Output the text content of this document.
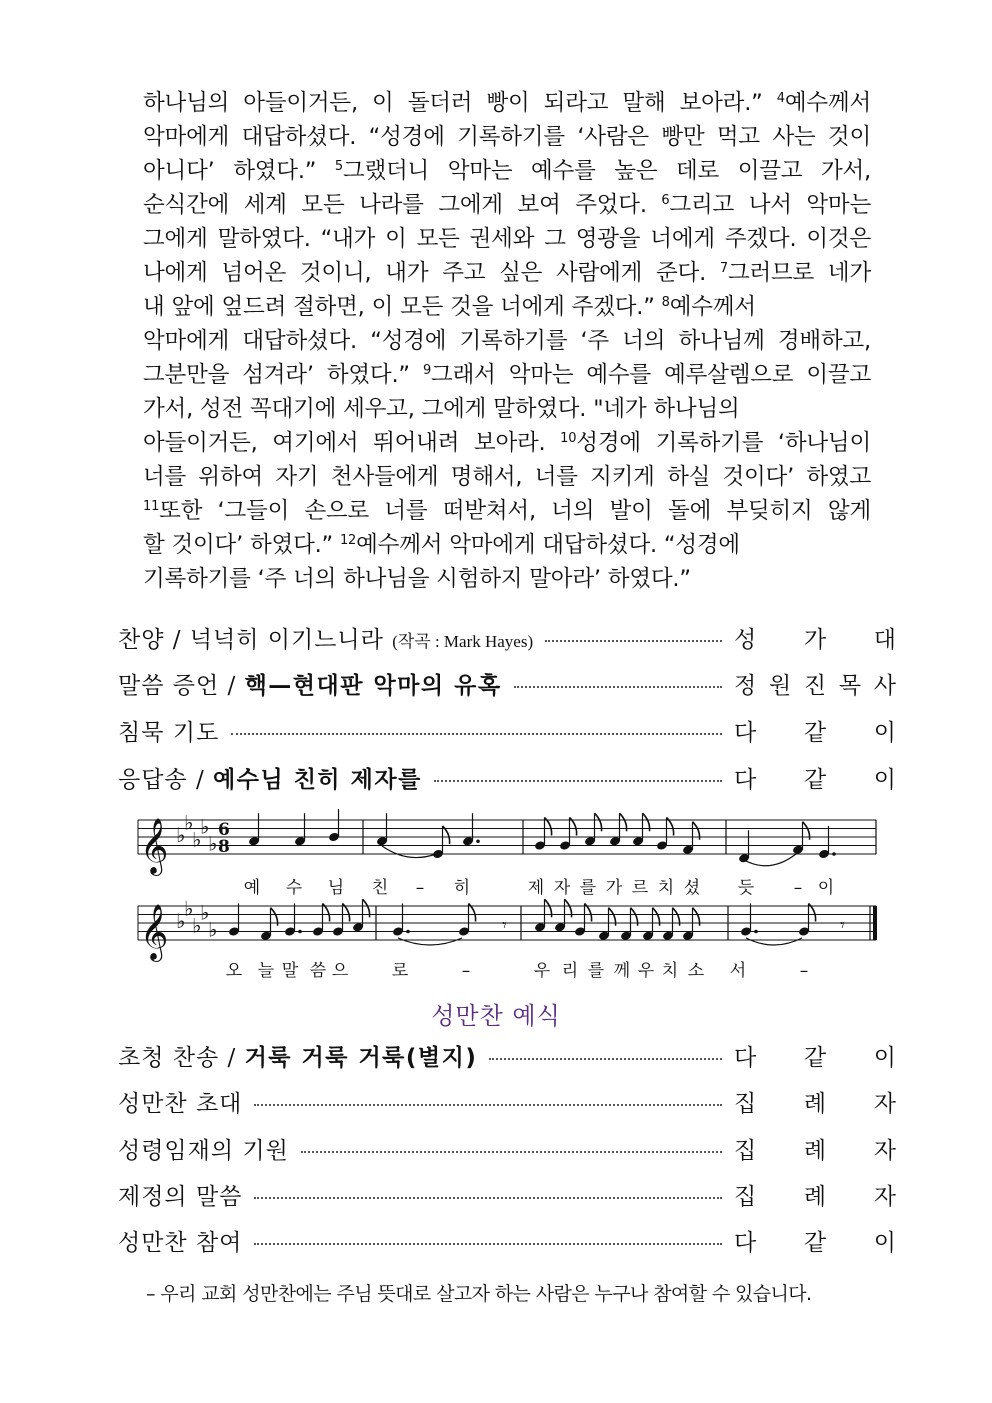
하나님의 아들이거든, 이 돌더러 빵이 되라고 말해 보아라.” $^4$예수께서
악마에게 대답하셨다. “성경에 기록하기를 ‘사람은 빵만 먹고 사는 것이
아니다’ 하였다.” $^5$그랬더니 악마는 예수를 높은 데로 이끌고 가서,
순식간에 세계 모든 나라를 그에게 보여 주었다. $^6$그리고 나서 악마는
그에게 말하였다. “내가 이 모든 권세와 그 영광을 너에게 주겠다. 이것은
나에게 넘어온 것이니, 내가 주고 싶은 사람에게 준다. $^7$그러므로 네가
내 앞에 엎드려 절하면, 이 모든 것을 너에게 주겠다.” $^8$예수께서
악마에게 대답하셨다. “성경에 기록하기를 ‘주 너의 하나님께 경배하고,
그분만을 섬겨라’ 하였다.” $^9$그래서 악마는 예수를 예루살렘으로 이끌고
가서, 성전 꼭대기에 세우고, 그에게 말하였다. "네가 하나님의
아들이거든, 여기에서 뛰어내려 보아라. $^{10}$성경에 기록하기를 ‘하나님이
너를 위하여 자기 천사들에게 명해서, 너를 지키게 하실 것이다’ 하였고
$^{11}$또한 ‘그들이 손으로 너를 떠받쳐서, 너의 발이 돌에 부딪히지 않게
할 것이다’ 하였다.” $^{12}$예수께서 악마에게 대답하셨다. “성경에
기록하기를 ‘주 너의 하나님을 시험하지 말아라’ 하였다.”
찬양 / 넉넉히 이기느니라 (작곡 : Mark Hayes)	성 가 대
말씀 증언 / 핵—현대판 악마의 유혹	정 원 진 목 사
침묵 기도	다 같 이
응답송 / 예수님 친히 제자를	다 같 이
𝄞 ♭
♭
♭
♭
♭
𝄞 ♭
♭
♭
♭
♭
6
8
𝄾	𝄾
예 수 님 친 – 히	제 자 를 가 르 치 셨 듯 – 이
오 늘 말 씀 으	로	–	우 리 를 께 우 치 소 서	–
성만찬 예식
초청 찬송 / 거룩 거룩 거룩(별지)	다 같 이
성만찬 초대	집 례 자
성령임재의 기원	집 례 자
제정의 말씀	집 례 자
성만찬 참여	다 같 이
– 우리 교회 성만찬에는 주님 뜻대로 살고자 하는 사람은 누구나 참여할 수 있습니다.
